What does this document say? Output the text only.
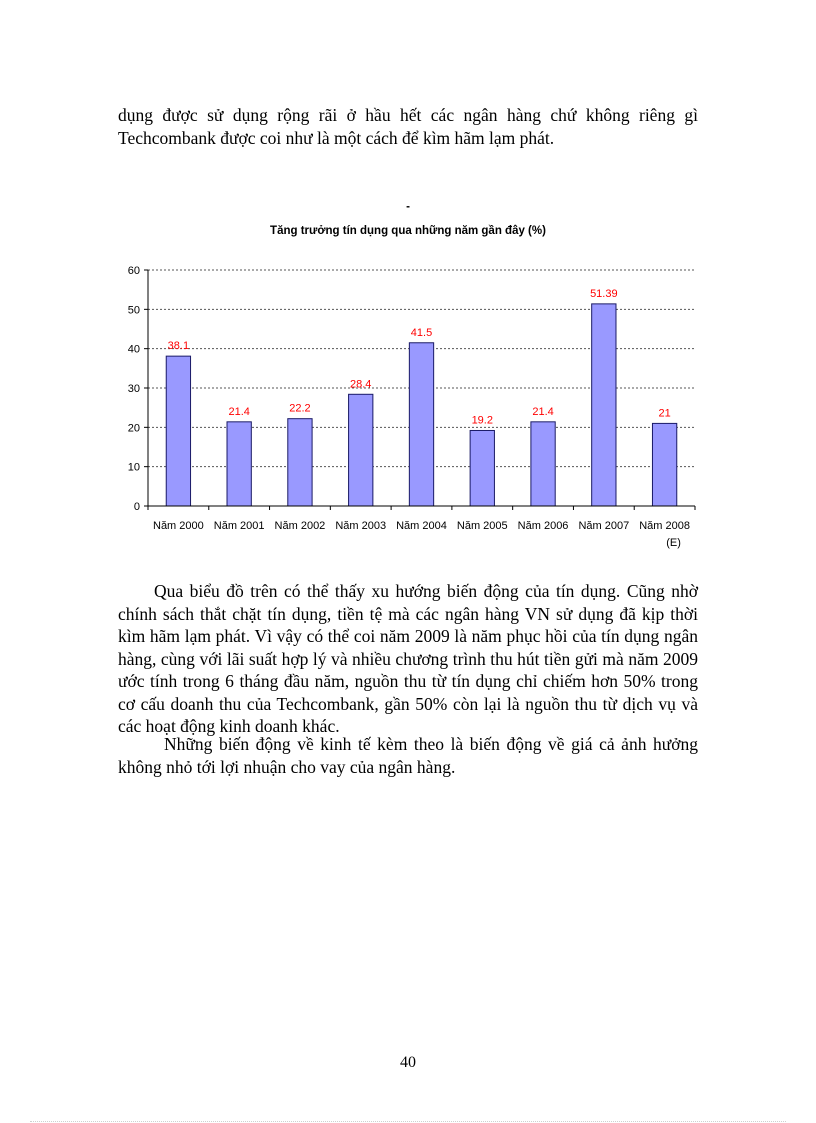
dụng được sử dụng rộng rãi ở hầu hết các ngân hàng chứ không riêng gì Techcombank được coi như là một cách để kìm hãm lạm phát.

-
Tăng trưởng tín dụng qua những năm gần đây (%)
0
10
20
30
40
50
60
38.1
21.4	22.2
28.4
41.5
19.2
21.4
51.39
21
Năm 2000 Năm 2001 Năm 2002 Năm 2003 Năm 2004 Năm 2005 Năm 2006 Năm 2007 Năm 2008
(E)

Qua biểu đồ trên có thể thấy xu hướng biến động của tín dụng. Cũng nhờ chính sách thắt chặt tín dụng, tiền tệ mà các ngân hàng VN sử dụng đã kịp thời kìm hãm lạm phát. Vì vậy có thể coi năm 2009 là năm phục hồi của tín dụng ngân hàng, cùng với lãi suất hợp lý và nhiều chương trình thu hút tiền gửi mà năm 2009 ước tính trong 6 tháng đầu năm, nguồn thu từ tín dụng chỉ chiếm hơn 50% trong cơ cấu doanh thu của Techcombank, gần 50% còn lại là nguồn thu từ dịch vụ và các hoạt động kinh doanh khác.

Những biến động về kinh tế kèm theo là biến động về giá cả ảnh hưởng không nhỏ tới lợi nhuận cho vay của ngân hàng.

40
